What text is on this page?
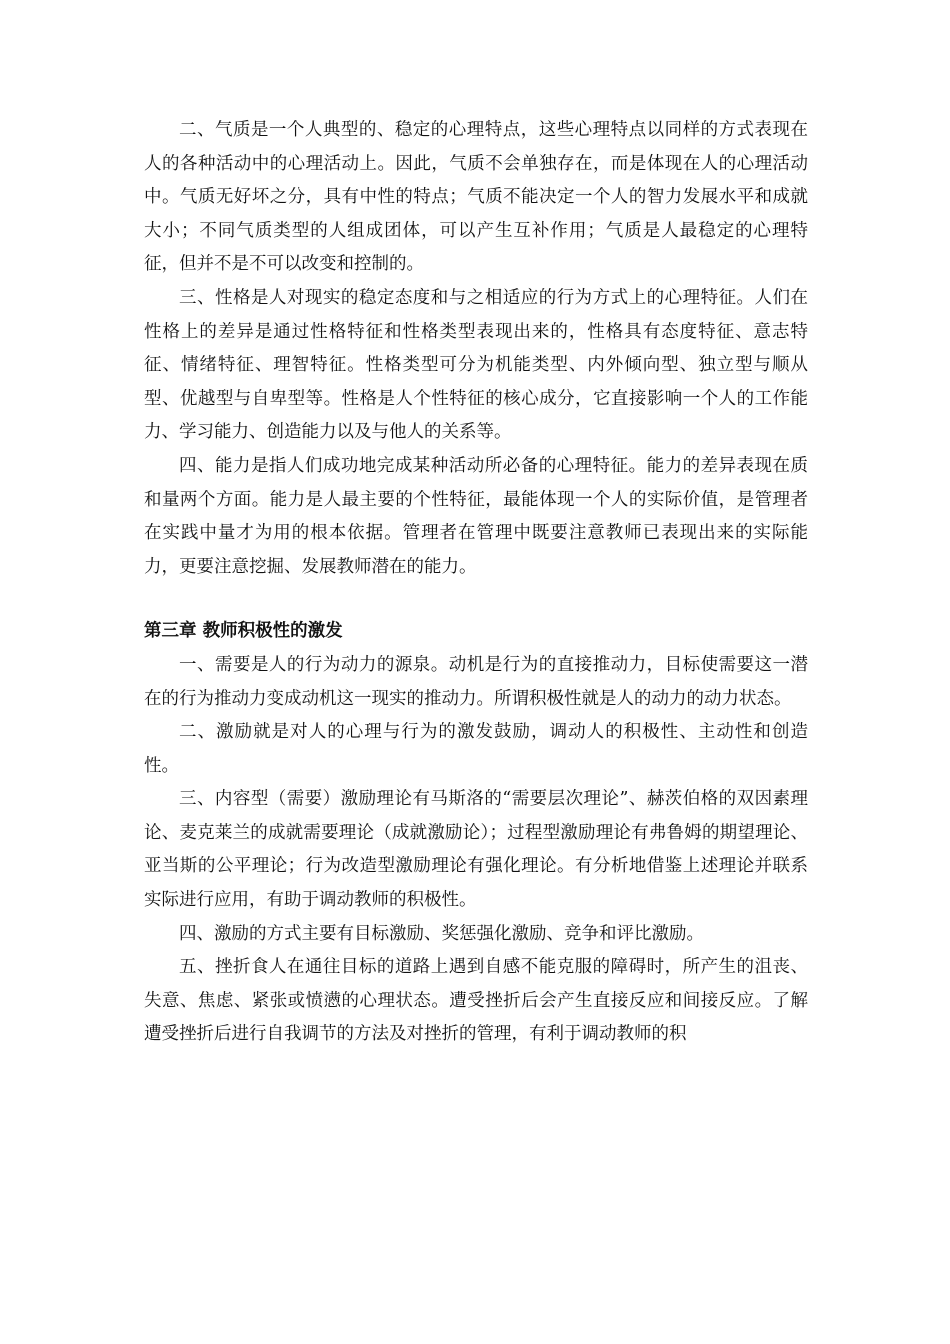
二、气质是一个人典型的、稳定的心理特点，这些心理特点以同样的方式表现在人的各种活动中的心理活动上。因此，气质不会单独存在，而是体现在人的心理活动中。气质无好坏之分，具有中性的特点；气质不能决定一个人的智力发展水平和成就大小；不同气质类型的人组成团体，可以产生互补作用；气质是人最稳定的心理特征，但并不是不可以改变和控制的。

三、性格是人对现实的稳定态度和与之相适应的行为方式上的心理特征。人们在性格上的差异是通过性格特征和性格类型表现出来的，性格具有态度特征、意志特征、情绪特征、理智特征。性格类型可分为机能类型、内外倾向型、独立型与顺从型、优越型与自卑型等。性格是人个性特征的核心成分，它直接影响一个人的工作能力、学习能力、创造能力以及与他人的关系等。

四、能力是指人们成功地完成某种活动所必备的心理特征。能力的差异表现在质和量两个方面。能力是人最主要的个性特征，最能体现一个人的实际价值，是管理者在实践中量才为用的根本依据。管理者在管理中既要注意教师已表现出来的实际能力，更要注意挖掘、发展教师潜在的能力。

第三章 教师积极性的激发

一、需要是人的行为动力的源泉。动机是行为的直接推动力，目标使需要这一潜在的行为推动力变成动机这一现实的推动力。所谓积极性就是人的动力的动力状态。

二、激励就是对人的心理与行为的激发鼓励，调动人的积极性、主动性和创造性。

三、内容型（需要）激励理论有马斯洛的“需要层次理论”、赫茨伯格的双因素理论、麦克莱兰的成就需要理论（成就激励论）；过程型激励理论有弗鲁姆的期望理论、亚当斯的公平理论；行为改造型激励理论有强化理论。有分析地借鉴上述理论并联系实际进行应用，有助于调动教师的积极性。

四、激励的方式主要有目标激励、奖惩强化激励、竞争和评比激励。

五、挫折食人在通往目标的道路上遇到自感不能克服的障碍时，所产生的沮丧、失意、焦虑、紧张或愤懑的心理状态。遭受挫折后会产生直接反应和间接反应。了解遭受挫折后进行自我调节的方法及对挫折的管理，有利于调动教师的积
